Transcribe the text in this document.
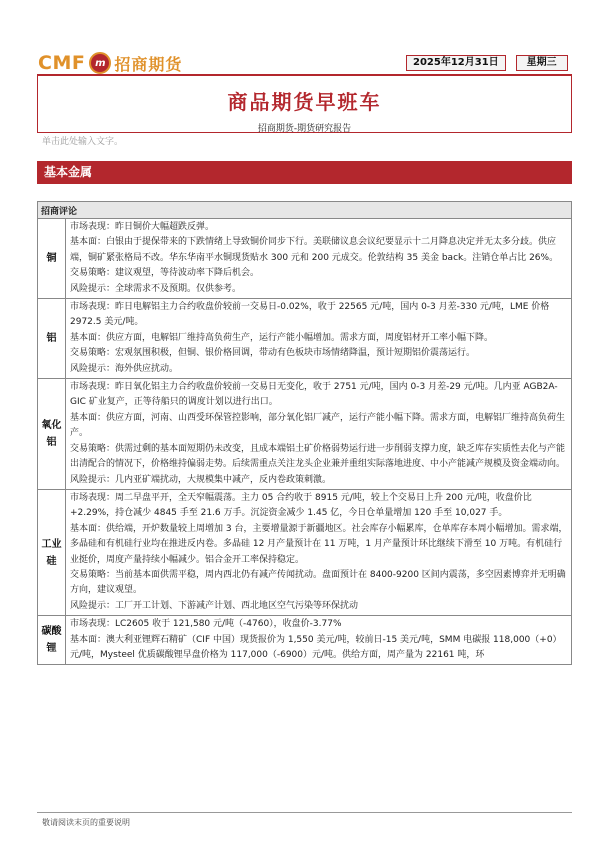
CMF m 招商期货	2025年12月31日	星期三
商品期货早班车
招商期货-期货研究报告
单击此处输入文字。
基本金属
招商评论	
铜	市场表现：昨日铜价大幅超跌反弹。
基本面：白银由于提保带来的下跌情绪上导致铜价同步下行。美联储议息会议纪要显示十二月降息决定并无太多分歧。供应端，铜矿紧张格局不改。华东华南平水铜现货贴水 300 元和 200 元成交。伦敦结构 35 美金 back。注销仓单占比 26%。
交易策略：建议观望，等待波动率下降后机会。
风险提示：全球需求不及预期。仅供参考。

铝	市场表现：昨日电解铝主力合约收盘价较前一交易日-0.02%，收于 22565 元/吨，国内 0-3 月差-330 元/吨，LME 价格 2972.5 美元/吨。
基本面：供应方面，电解铝厂维持高负荷生产，运行产能小幅增加。需求方面，周度铝材开工率小幅下降。
交易策略：宏观氛围积极，但铜、银价格回调，带动有色板块市场情绪降温，预计短期铝价震荡运行。
风险提示：海外供应扰动。

氧化铝	市场表现：昨日氧化铝主力合约收盘价较前一交易日无变化，收于 2751 元/吨，国内 0-3 月差-29 元/吨。几内亚 AGB2A-GIC 矿业复产，正等待船只的调度计划以进行出口。
基本面：供应方面，河南、山西受环保管控影响，部分氧化铝厂减产，运行产能小幅下降。需求方面，电解铝厂维持高负荷生产。
交易策略：供需过剩的基本面短期仍未改变，且成本端铝土矿价格弱势运行进一步削弱支撑力度，缺乏库存实质性去化与产能出清配合的情况下，价格维持偏弱走势。后续需重点关注龙头企业兼并重组实际落地进度、中小产能减产规模及资金端动向。
风险提示：几内亚矿端扰动，大规模集中减产，反内卷政策刺激。

工业硅	市场表现：周二早盘平开，全天窄幅震荡。主力 05 合约收于 8915 元/吨，较上个交易日上升 200 元/吨，收盘价比+2.29%，持仓减少 4845 手至 21.6 万手。沉淀资金减少 1.45 亿，今日仓单量增加 120 手至 10,027 手。
基本面：供给端，开炉数量较上周增加 3 台，主要增量源于新疆地区。社会库存小幅累库，仓单库存本周小幅增加。需求端，多晶硅和有机硅行业均在推进反内卷。多晶硅 12 月产量预计在 11 万吨，1 月产量预计环比继续下滑至 10 万吨。有机硅行业挺价，周度产量持续小幅减少。铝合金开工率保持稳定。
交易策略：当前基本面供需平稳，周内西北仍有减产传闻扰动。盘面预计在 8400-9200 区间内震荡，多空因素博弈并无明确方向，建议观望。
风险提示：工厂开工计划、下游减产计划、西北地区空气污染等环保扰动

碳酸锂	市场表现：LC2605 收于 121,580 元/吨（-4760），收盘价-3.77%
基本面：澳大利亚锂辉石精矿（CIF 中国）现货报价为 1,550 美元/吨，较前日-15 美元/吨，SMM 电碳报 118,000（+0）元/吨，Mysteel 优质碳酸锂早盘价格为 117,000（-6900）元/吨。供给方面，周产量为 22161 吨，环
敬请阅读末页的重要说明
